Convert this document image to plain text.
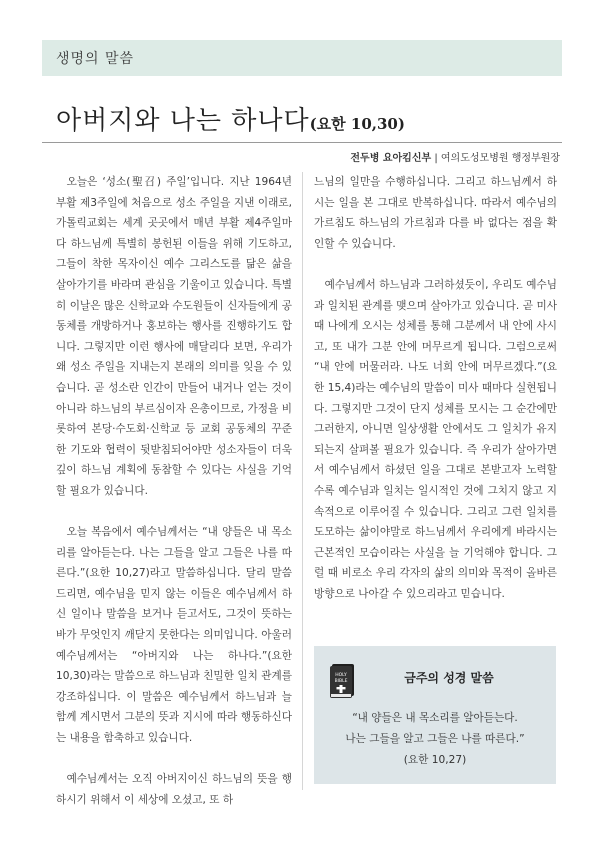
생명의 말씀
아버지와 나는 하나다(요한 10,30)
전두병 요아킴신부 | 여의도성모병원 행정부원장

오늘은 ‘성소(聖召) 주일’입니다. 지난 1964년 부활 제3주일에 처음으로 성소 주일을 지낸 이래로, 가톨릭교회는 세계 곳곳에서 매년 부활 제4주일마다 하느님께 특별히 봉헌된 이들을 위해 기도하고, 그들이 착한 목자이신 예수 그리스도를 닮은 삶을 살아가기를 바라며 관심을 기울이고 있습니다. 특별히 이날은 많은 신학교와 수도원들이 신자들에게 공동체를 개방하거나 홍보하는 행사를 진행하기도 합니다. 그렇지만 이런 행사에 매달리다 보면, 우리가 왜 성소 주일을 지내는지 본래의 의미를 잊을 수 있습니다. 곧 성소란 인간이 만들어 내거나 얻는 것이 아니라 하느님의 부르심이자 은총이므로, 가정을 비롯하여 본당·수도회·신학교 등 교회 공동체의 꾸준한 기도와 협력이 뒷받침되어야만 성소자들이 더욱 깊이 하느님 계획에 동참할 수 있다는 사실을 기억할 필요가 있습니다.

오늘 복음에서 예수님께서는 “내 양들은 내 목소리를 알아듣는다. 나는 그들을 알고 그들은 나를 따른다.”(요한 10,27)라고 말씀하십니다. 달리 말씀드리면, 예수님을 믿지 않는 이들은 예수님께서 하신 일이나 말씀을 보거나 듣고서도, 그것이 뜻하는 바가 무엇인지 깨닫지 못한다는 의미입니다. 아울러 예수님께서는 “아버지와 나는 하나다.”(요한 10,30)라는 말씀으로 하느님과 친밀한 일치 관계를 강조하십니다. 이 말씀은 예수님께서 하느님과 늘 함께 계시면서 그분의 뜻과 지시에 따라 행동하신다는 내용을 함축하고 있습니다.

예수님께서는 오직 아버지이신 하느님의 뜻을 행하시기 위해서 이 세상에 오셨고, 또 하

느님의 일만을 수행하십니다. 그리고 하느님께서 하시는 일을 본 그대로 반복하십니다. 따라서 예수님의 가르침도 하느님의 가르침과 다를 바 없다는 점을 확인할 수 있습니다.

예수님께서 하느님과 그러하셨듯이, 우리도 예수님과 일치된 관계를 맺으며 살아가고 있습니다. 곧 미사 때 나에게 오시는 성체를 통해 그분께서 내 안에 사시고, 또 내가 그분 안에 머무르게 됩니다. 그럼으로써 “내 안에 머물러라. 나도 너희 안에 머무르겠다.”(요한 15,4)라는 예수님의 말씀이 미사 때마다 실현됩니다. 그렇지만 그것이 단지 성체를 모시는 그 순간에만 그러한지, 아니면 일상생활 안에서도 그 일치가 유지되는지 살펴볼 필요가 있습니다. 즉 우리가 살아가면서 예수님께서 하셨던 일을 그대로 본받고자 노력할수록 예수님과 일치는 일시적인 것에 그치지 않고 지속적으로 이루어질 수 있습니다. 그리고 그런 일치를 도모하는 삶이야말로 하느님께서 우리에게 바라시는 근본적인 모습이라는 사실을 늘 기억해야 합니다. 그럴 때 비로소 우리 각자의 삶의 의미와 목적이 올바른 방향으로 나아갈 수 있으리라고 믿습니다.

HOLY
BIBLE	금주의 성경 말씀
“내 양들은 내 목소리를 알아듣는다.
나는 그들을 알고 그들은 나를 따른다.”
(요한 10,27)
